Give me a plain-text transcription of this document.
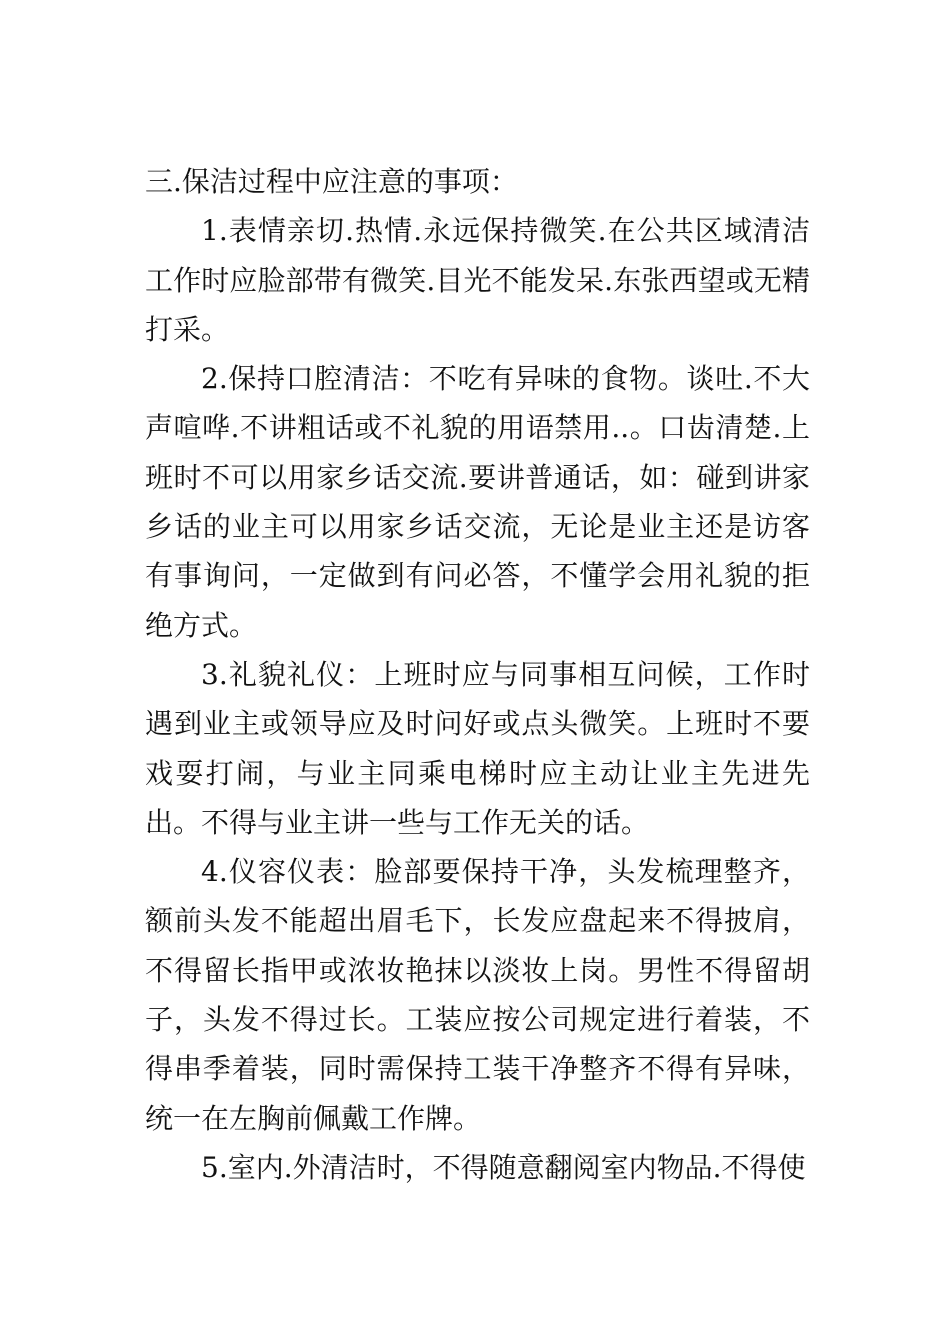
三.保洁过程中应注意的事项：

1.表情亲切.热情.永远保持微笑.在公共区域清洁工作时应脸部带有微笑.目光不能发呆.东张西望或无精打采。

2.保持口腔清洁：不吃有异味的食物。谈吐.不大声喧哗.不讲粗话或不礼貌的用语禁用..。口齿清楚.上班时不可以用家乡话交流.要讲普通话，如：碰到讲家乡话的业主可以用家乡话交流，无论是业主还是访客有事询问，一定做到有问必答，不懂学会用礼貌的拒绝方式。

3.礼貌礼仪：上班时应与同事相互问候，工作时遇到业主或领导应及时问好或点头微笑。上班时不要戏耍打闹，与业主同乘电梯时应主动让业主先进先出。不得与业主讲一些与工作无关的话。

4.仪容仪表：脸部要保持干净，头发梳理整齐，额前头发不能超出眉毛下，长发应盘起来不得披肩，不得留长指甲或浓妆艳抹以淡妆上岗。男性不得留胡子，头发不得过长。工装应按公司规定进行着装，不得串季着装，同时需保持工装干净整齐不得有异味，统一在左胸前佩戴工作牌。

5.室内.外清洁时，不得随意翻阅室内物品.不得使
